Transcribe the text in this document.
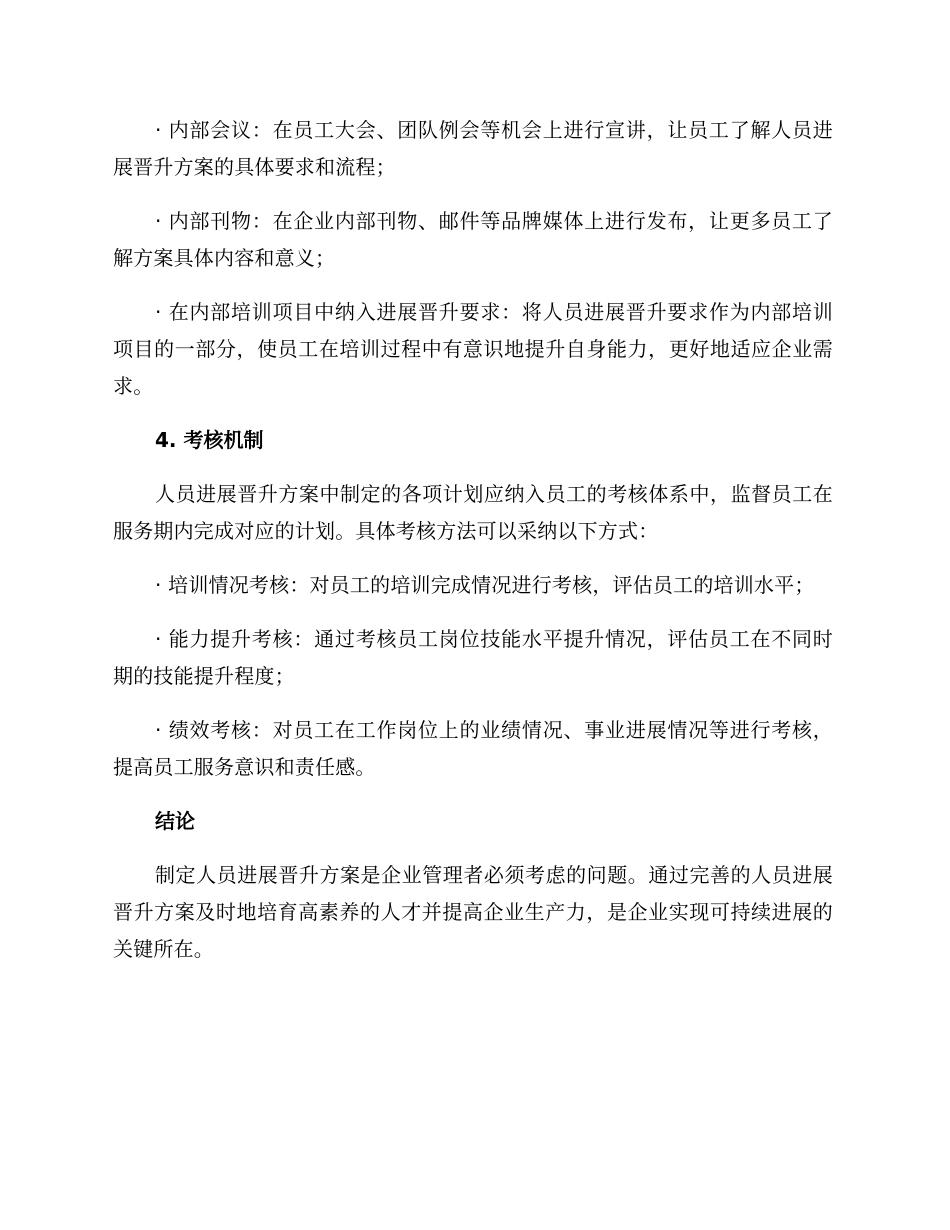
· 内部会议：在员工大会、团队例会等机会上进行宣讲，让员工了解人员进展晋升方案的具体要求和流程；

· 内部刊物：在企业内部刊物、邮件等品牌媒体上进行发布，让更多员工了解方案具体内容和意义；

· 在内部培训项目中纳入进展晋升要求：将人员进展晋升要求作为内部培训项目的一部分，使员工在培训过程中有意识地提升自身能力，更好地适应企业需求。

4. 考核机制

人员进展晋升方案中制定的各项计划应纳入员工的考核体系中，监督员工在服务期内完成对应的计划。具体考核方法可以采纳以下方式：

· 培训情况考核：对员工的培训完成情况进行考核，评估员工的培训水平；

· 能力提升考核：通过考核员工岗位技能水平提升情况，评估员工在不同时期的技能提升程度；

· 绩效考核：对员工在工作岗位上的业绩情况、事业进展情况等进行考核，提高员工服务意识和责任感。

结论

制定人员进展晋升方案是企业管理者必须考虑的问题。通过完善的人员进展晋升方案及时地培育高素养的人才并提高企业生产力，是企业实现可持续进展的关键所在。
